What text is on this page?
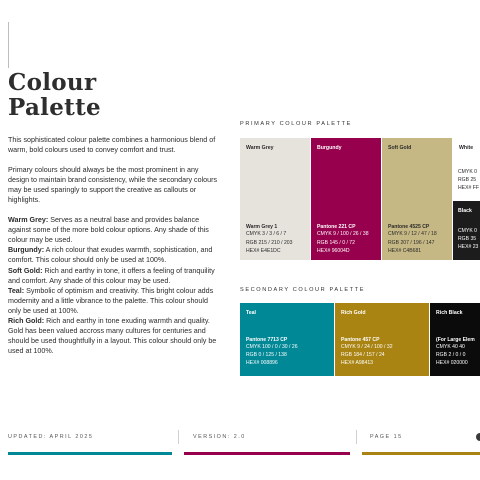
Colour
Palette

This sophisticated colour palette combines a harmonious blend of warm, bold colours used to convey comfort and trust.

Primary colours should always be the most prominent in any design to maintain brand consistency, while the secondary colours may be used sparingly to support the creative as callouts or highlights.

Warm Grey: Serves as a neutral base and provides balance against some of the more bold colour options. Any shade of this colour may be used.

Burgundy: A rich colour that exudes warmth, sophistication, and comfort. This colour should only be used at 100%.

Soft Gold: Rich and earthy in tone, it offers a feeling of tranquility and comfort. Any shade of this colour may be used.

Teal: Symbolic of optimism and creativity. This bright colour adds modernity and a little vibrance to the palette. This colour should only be used at 100%.

Rich Gold: Rich and earthy in tone exuding warmth and quality. Gold has been valued accross many cultures for centuries and should be used thoughtfully in a layout. This colour should only be used at 100%.

PRIMARY COLOUR PALETTE
Warm Grey
Warm Grey 1
CMYK 3 / 3 / 6 / 7
RGB 215 / 210 / 203
HEX# E4E1DC
Burgundy
Pantone 221 CP
CMYK 9 / 100 / 26 / 38
RGB 145 / 0 / 72
HEX# 96004D
Soft Gold
Pantone 4525 CP
CMYK 9 / 12 / 47 / 18
RGB 207 / 196 / 147
HEX# C4B681
White
CMYK 0
RGB 25
HEX# FF
Black
CMYK 0
RGB 35
HEX# 23
SECONDARY COLOUR PALETTE
Teal
Pantone 7713 CP
CMYK 100 / 0 / 30 / 26
RGB 0 / 125 / 138
HEX# 008896
Rich Gold
Pantone 457 CP
CMYK 9 / 24 / 100 / 32
RGB 184 / 157 / 24
HEX# A98413
Rich Black
(For Large Elem
CMYK 40 40
RGB 2 / 0 / 0
HEX# 020000
UPDATED: APRIL 2025	VERSION: 2.0	PAGE 15
